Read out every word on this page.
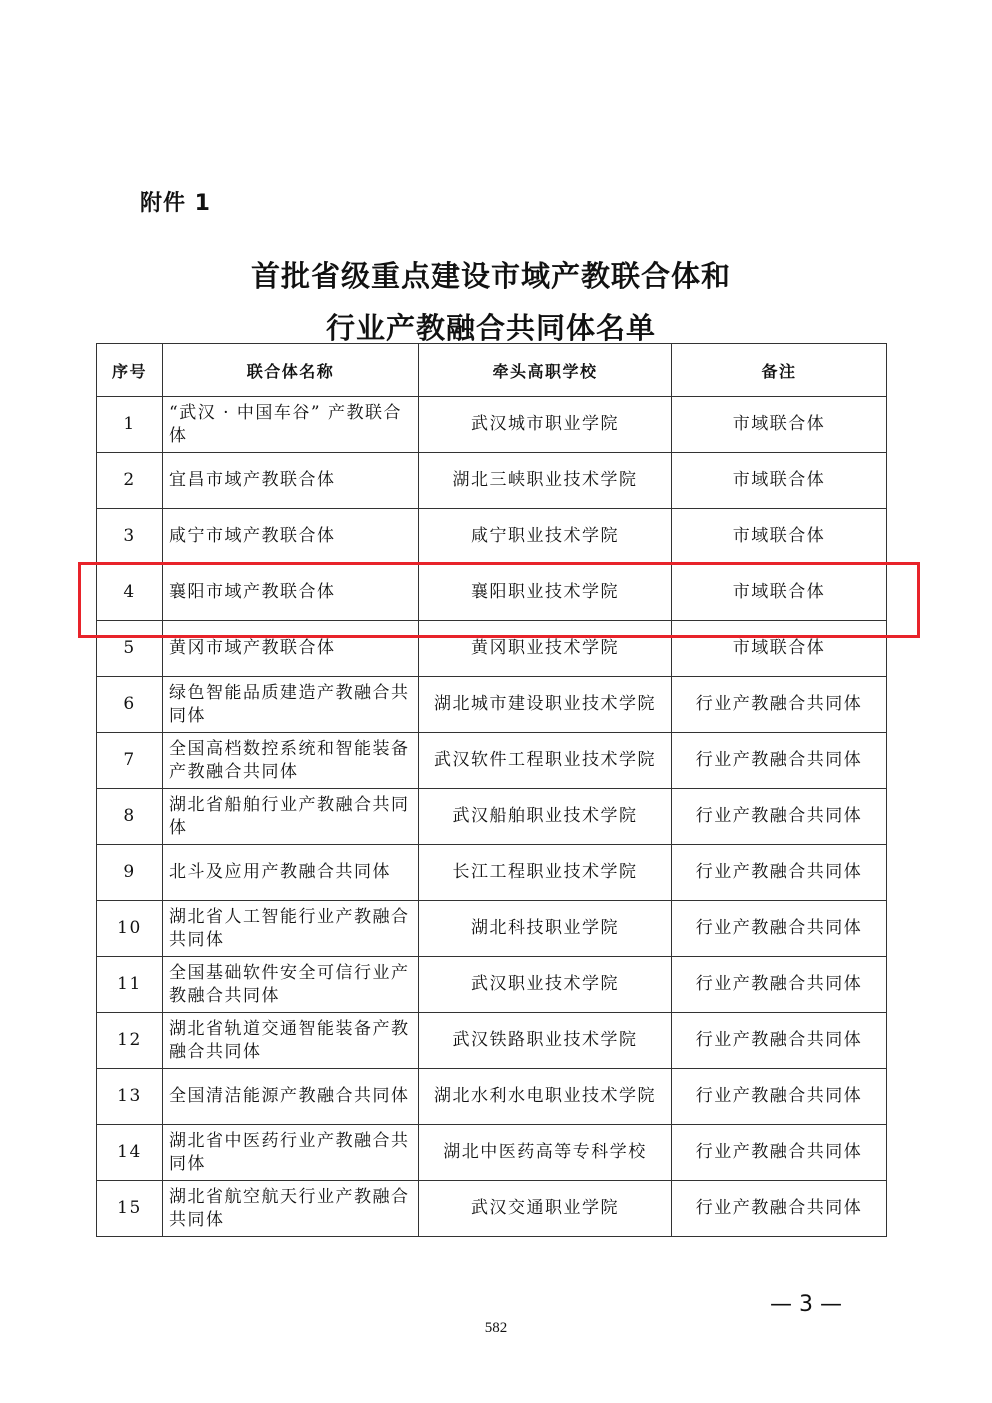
附件 1
首批省级重点建设市域产教联合体和
行业产教融合共同体名单
序号	联合体名称	牵头高职学校	备注
1	“武汉 · 中国车谷” 产教联合体	武汉城市职业学院	市域联合体
2	宜昌市域产教联合体	湖北三峡职业技术学院	市域联合体
3	咸宁市域产教联合体	咸宁职业技术学院	市域联合体
4	襄阳市域产教联合体	襄阳职业技术学院	市域联合体
5	黄冈市域产教联合体	黄冈职业技术学院	市域联合体
6	绿色智能品质建造产教融合共同体	湖北城市建设职业技术学院	行业产教融合共同体
7	全国高档数控系统和智能装备产教融合共同体	武汉软件工程职业技术学院	行业产教融合共同体
8	湖北省船舶行业产教融合共同体	武汉船舶职业技术学院	行业产教融合共同体
9	北斗及应用产教融合共同体	长江工程职业技术学院	行业产教融合共同体
10	湖北省人工智能行业产教融合共同体	湖北科技职业学院	行业产教融合共同体
11	全国基础软件安全可信行业产教融合共同体	武汉职业技术学院	行业产教融合共同体
12	湖北省轨道交通智能装备产教融合共同体	武汉铁路职业技术学院	行业产教融合共同体
13	全国清洁能源产教融合共同体	湖北水利水电职业技术学院	行业产教融合共同体
14	湖北省中医药行业产教融合共同体	湖北中医药高等专科学校	行业产教融合共同体
15	湖北省航空航天行业产教融合共同体	武汉交通职业学院	行业产教融合共同体
— 3 —
582
